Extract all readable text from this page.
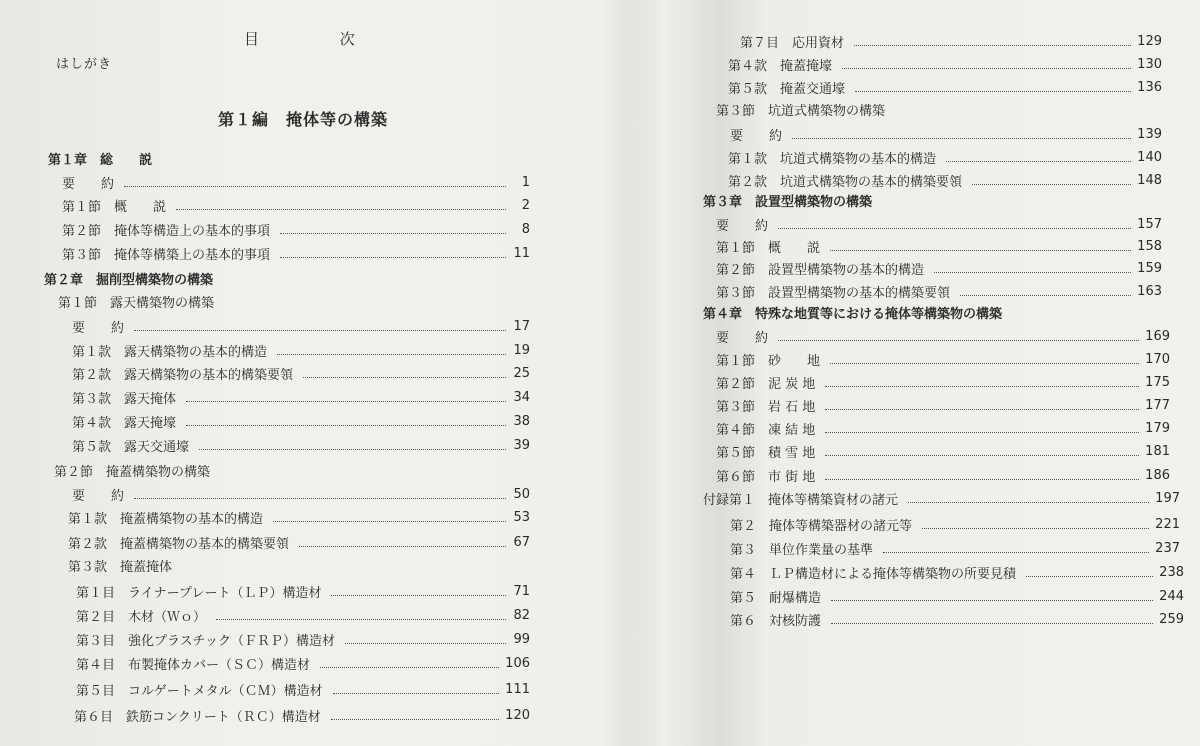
目	次
はしがき
第１編　掩体等の構築
第１章　総　　説
要　　約	1
第１節　概　　説	2
第２節　掩体等構造上の基本的事項	8
第３節　掩体等構築上の基本的事項	11
第２章　掘削型構築物の構築
第１節　露天構築物の構築
要　　約	17
第１款　露天構築物の基本的構造	19
第２款　露天構築物の基本的構築要領	25
第３款　露天掩体	34
第４款　露天掩壕	38
第５款　露天交通壕	39
第２節　掩蓋構築物の構築
要　　約	50
第１款　掩蓋構築物の基本的構造	53
第２款　掩蓋構築物の基本的構築要領	67
第３款　掩蓋掩体
第１目　ライナープレート（ＬＰ）構造材	71
第２目　木材（Ｗｏ）	82
第３目　強化プラスチック（ＦＲＰ）構造材	99
第４目　布製掩体カバー（ＳＣ）構造材	106
第５目　コルゲートメタル（ＣＭ）構造材	111
第６目　鉄筋コンクリート（ＲＣ）構造材	120
第７目　応用資材	129
第４款　掩蓋掩壕	130
第５款　掩蓋交通壕	136
第３節　坑道式構築物の構築
要　　約	139
第１款　坑道式構築物の基本的構造	140
第２款　坑道式構築物の基本的構築要領	148
第３章　設置型構築物の構築
要　　約	157
第１節　概　　説	158
第２節　設置型構築物の基本的構造	159
第３節　設置型構築物の基本的構築要領	163
第４章　特殊な地質等における掩体等構築物の構築
要　　約	169
第１節　砂　　地	170
第２節　泥 炭 地	175
第３節　岩 石 地	177
第４節　凍 結 地	179
第５節　積 雪 地	181
第６節　市 街 地	186
付録第１　掩体等構築資材の諸元	197
第２　掩体等構築器材の諸元等	221
第３　単位作業量の基準	237
第４　ＬＰ構造材による掩体等構築物の所要見積	238
第５　耐爆構造	244
第６　対核防護	259
